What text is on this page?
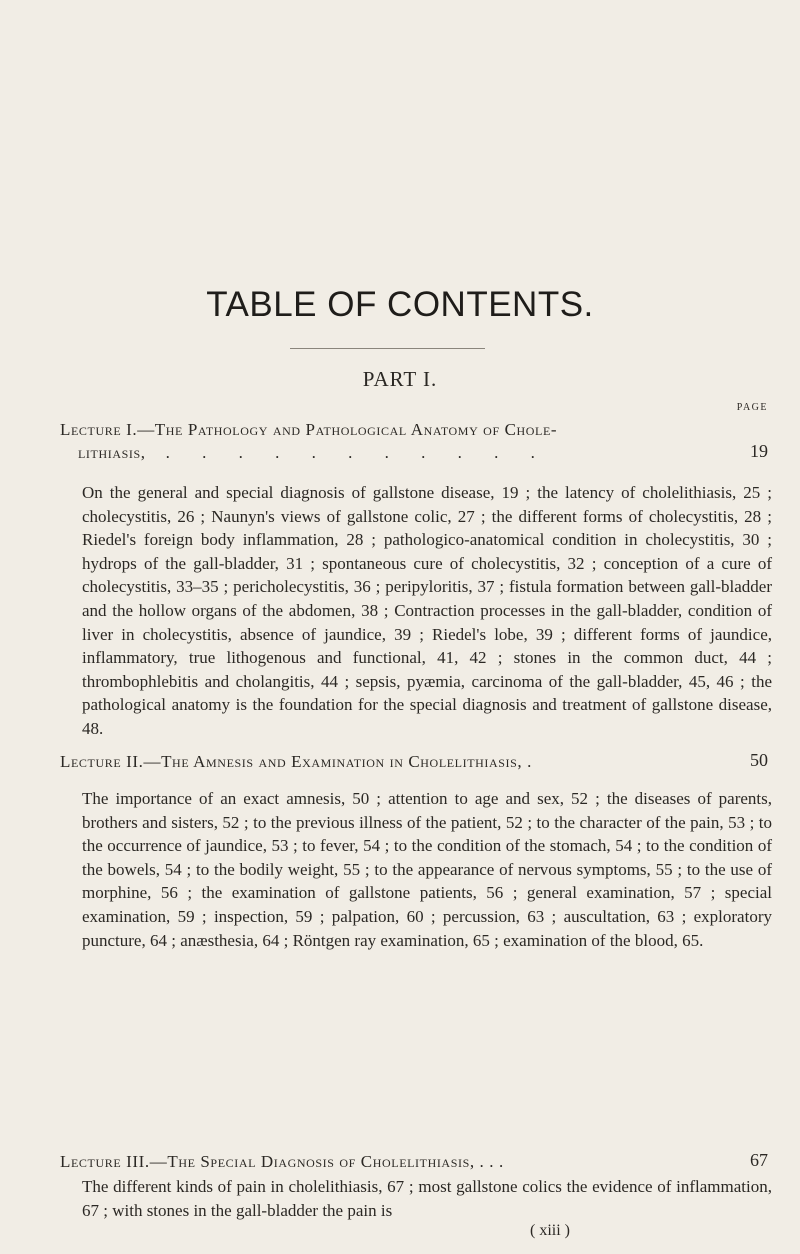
TABLE OF CONTENTS.
PART I.
PAGE
Lecture I.—The Pathology and Pathological Anatomy of Chole-
lithiasis, . . . . . . . . . . .	19
On the general and special diagnosis of gallstone disease, 19 ; the latency of cholelithiasis, 25 ; cholecystitis, 26 ; Naunyn's views of gallstone colic, 27 ; the different forms of cholecystitis, 28 ; Riedel's foreign body inflammation, 28 ; pathologico-anatomical condition in cholecystitis, 30 ; hydrops of the gall-bladder, 31 ; spontaneous cure of cholecystitis, 32 ; conception of a cure of cholecystitis, 33–35 ; pericholecystitis, 36 ; peripyloritis, 37 ; fistula formation between gall-bladder and the hollow organs of the abdomen, 38 ; Contraction processes in the gall-bladder, condition of liver in cholecystitis, absence of jaundice, 39 ; Riedel's lobe, 39 ; different forms of jaundice, inflammatory, true lithogenous and functional, 41, 42 ; stones in the common duct, 44 ; thrombophlebitis and cholangitis, 44 ; sepsis, pyæmia, carcinoma of the gall-bladder, 45, 46 ; the pathological anatomy is the foundation for the special diagnosis and treatment of gallstone disease, 48.
Lecture II.—The Amnesis and Examination in Cholelithiasis, .	50
The importance of an exact amnesis, 50 ; attention to age and sex, 52 ; the diseases of parents, brothers and sisters, 52 ; to the previous illness of the patient, 52 ; to the character of the pain, 53 ; to the occurrence of jaundice, 53 ; to fever, 54 ; to the condition of the stomach, 54 ; to the condition of the bowels, 54 ; to the bodily weight, 55 ; to the appearance of nervous symptoms, 55 ; to the use of morphine, 56 ; the examination of gallstone patients, 56 ; general examination, 57 ; special examination, 59 ; inspection, 59 ; palpation, 60 ; percussion, 63 ; auscultation, 63 ; exploratory puncture, 64 ; anæsthesia, 64 ; Röntgen ray examination, 65 ; examination of the blood, 65.
Lecture III.—The Special Diagnosis of Cholelithiasis, . . .	67
The different kinds of pain in cholelithiasis, 67 ; most gallstone colics the evidence of inflammation, 67 ; with stones in the gall-bladder the pain is
( xiii )
